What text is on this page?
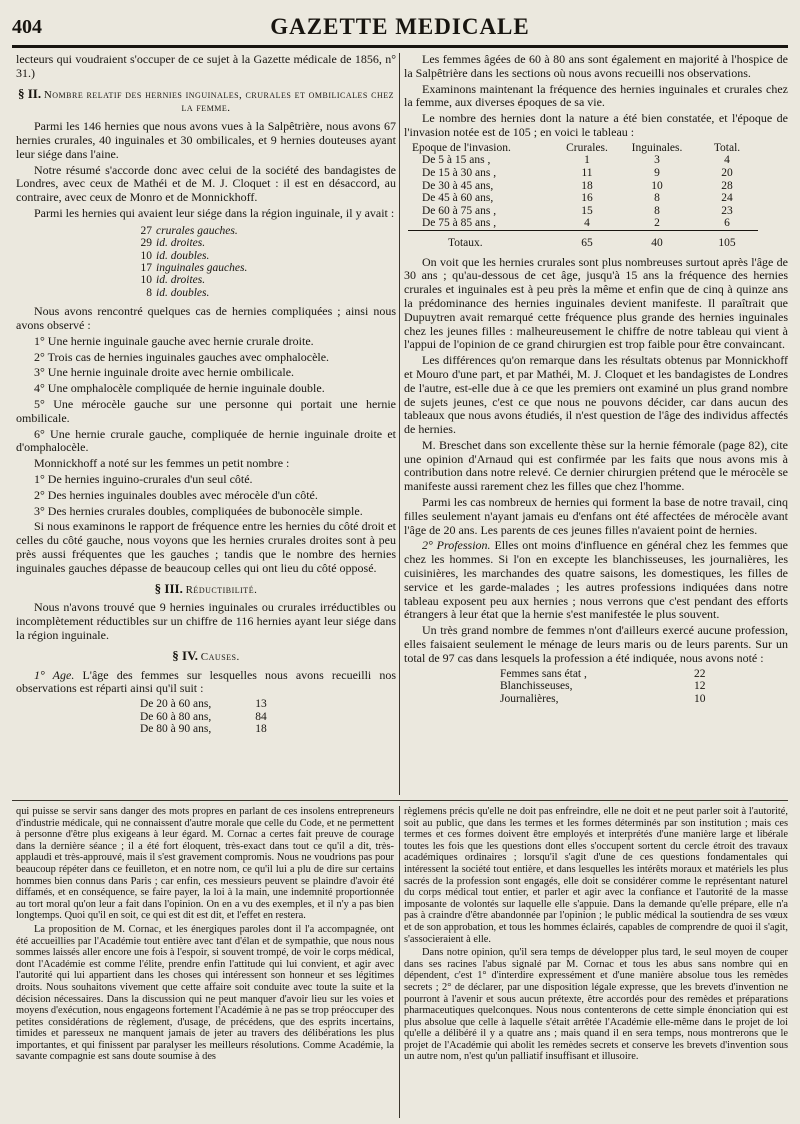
404	GAZETTE MEDICALE

lecteurs qui voudraient s'occuper de ce sujet à la Gazette médicale de 1856, n° 31.)

§ II. Nombre relatif des hernies inguinales, crurales et ombilicales chez la femme.

Parmi les 146 hernies que nous avons vues à la Salpêtrière, nous avons 67 hernies crurales, 40 inguinales et 30 ombilicales, et 9 hernies douteuses ayant leur siége dans l'aine.

Notre résumé s'accorde donc avec celui de la société des bandagistes de Londres, avec ceux de Mathéi et de M. J. Cloquet : il est en désaccord, au contraire, avec ceux de Monro et de Monnickhoff.

Parmi les hernies qui avaient leur siége dans la région inguinale, il y avait :

27 crurales gauches.
29 id. droites.
10 id. doubles.
17 inguinales gauches.
10 id. droites.
8 id. doubles.

Nous avons rencontré quelques cas de hernies compliquées ; ainsi nous avons observé :

1° Une hernie inguinale gauche avec hernie crurale droite.

2° Trois cas de hernies inguinales gauches avec omphalocèle.

3° Une hernie inguinale droite avec hernie ombilicale.

4° Une omphalocèle compliquée de hernie inguinale double.

5° Une mérocèle gauche sur une personne qui portait une hernie ombilicale.

6° Une hernie crurale gauche, compliquée de hernie inguinale droite et d'omphalocèle.

Monnickhoff a noté sur les femmes un petit nombre :

1° De hernies inguino-crurales d'un seul côté.

2° Des hernies inguinales doubles avec mérocèle d'un côté.

3° Des hernies crurales doubles, compliquées de bubonocèle simple.

Si nous examinons le rapport de fréquence entre les hernies du côté droit et celles du côté gauche, nous voyons que les hernies crurales droites sont à peu près aussi fréquentes que les gauches ; tandis que le nombre des hernies inguinales gauches dépasse de beaucoup celles qui ont lieu du côté opposé.

§ III. Réductibilité.

Nous n'avons trouvé que 9 hernies inguinales ou crurales irréductibles ou incomplètement réductibles sur un chiffre de 116 hernies ayant leur siége dans la région inguinale.

§ IV. Causes.

1° Age. L'âge des femmes sur lesquelles nous avons recueilli nos observations est réparti ainsi qu'il suit :

De 20 à 60 ans,	13
De 60 à 80 ans,	84
De 80 à 90 ans,	18

Les femmes âgées de 60 à 80 ans sont également en majorité à l'hospice de la Salpêtrière dans les sections où nous avons recueilli nos observations.

Examinons maintenant la fréquence des hernies inguinales et crurales chez la femme, aux diverses époques de sa vie.

Le nombre des hernies dont la nature a été bien constatée, et l'époque de l'invasion notée est de 105 ; en voici le tableau :

Epoque de l'invasion.	Crurales.	Inguinales.	Total.
De 5 à 15 ans ,	1	3	4
De 15 à 30 ans ,	11	9	20
De 30 à 45 ans,	18	10	28
De 45 à 60 ans,	16	8	24
De 60 à 75 ans ,	15	8	23
De 75 à 85 ans ,	4	2	6
Totaux.	65	40	105

On voit que les hernies crurales sont plus nombreuses surtout après l'âge de 30 ans ; qu'au-dessous de cet âge, jusqu'à 15 ans la fréquence des hernies crurales et inguinales est à peu près la même et enfin que de cinq à quinze ans la prédominance des hernies inguinales devient manifeste. Il paraîtrait que Dupuytren avait remarqué cette fréquence plus grande des hernies inguinales chez les jeunes filles : malheureusement le chiffre de notre tableau qui vient à l'appui de l'opinion de ce grand chirurgien est trop faible pour être convaincant.

Les différences qu'on remarque dans les résultats obtenus par Monnickhoff et Mouro d'une part, et par Mathéi, M. J. Cloquet et les bandagistes de Londres de l'autre, est-elle due à ce que les premiers ont examiné un plus grand nombre de sujets jeunes, c'est ce que nous ne pouvons décider, car dans aucun des tableaux que nous avons étudiés, il n'est question de l'âge des individus affectés de hernies.

M. Breschet dans son excellente thèse sur la hernie fémorale (page 82), cite une opinion d'Arnaud qui est confirmée par les faits que nous avons mis à contribution dans notre relevé. Ce dernier chirurgien prétend que le mérocèle se manifeste aussi rarement chez les filles que chez l'homme.

Parmi les cas nombreux de hernies qui forment la base de notre travail, cinq filles seulement n'ayant jamais eu d'enfans ont été affectées de mérocèle avant l'âge de 20 ans. Les parents de ces jeunes filles n'avaient point de hernies.

2° Profession. Elles ont moins d'influence en général chez les femmes que chez les hommes. Si l'on en excepte les blanchisseuses, les journalières, les cuisinières, les marchandes des quatre saisons, les domestiques, les filles de service et les garde-malades ; les autres professions indiquées dans notre tableau exposent peu aux hernies ; nous verrons que c'est pendant des efforts étrangers à leur état que la hernie s'est manifestée le plus souvent.

Un très grand nombre de femmes n'ont d'ailleurs exercé aucune profession, elles faisaient seulement le ménage de leurs maris ou de leurs parents. Sur un total de 97 cas dans lesquels la profession a été indiquée, nous avons noté :

Femmes sans état ,	22
Blanchisseuses,	12
Journalières,	10

qui puisse se servir sans danger des mots propres en parlant de ces insolens entrepreneurs d'industrie médicale, qui ne connaissent d'autre morale que celle du Code, et ne permettent à personne d'être plus exigeans à leur égard. M. Cornac a certes fait preuve de courage dans la dernière séance ; il a été fort éloquent, très-exact dans tout ce qu'il a dit, très-applaudi et très-approuvé, mais il s'est gravement compromis. Nous ne voudrions pas pour beaucoup répéter dans ce feuilleton, et en notre nom, ce qu'il lui a plu de dire sur certains hommes bien connus dans Paris ; car enfin, ces messieurs peuvent se plaindre d'avoir été diffamés, et en conséquence, se faire payer, la loi à la main, une indemnité proportionnée au tort moral qu'on leur a fait dans l'opinion. On en a vu des exemples, et il n'y a pas bien longtemps. Quoi qu'il en soit, ce qui est dit est dit, et l'effet en restera.

La proposition de M. Cornac, et les énergiques paroles dont il l'a accompagnée, ont été accueillies par l'Académie tout entière avec tant d'élan et de sympathie, que nous nous sommes laissés aller encore une fois à l'espoir, si souvent trompé, de voir le corps médical, dont l'Académie est comme l'élite, prendre enfin l'attitude qui lui convient, et agir avec l'autorité qui lui appartient dans les choses qui intéressent son honneur et ses légitimes droits. Nous souhaitons vivement que cette affaire soit conduite avec toute la suite et la décision nécessaires. Dans la discussion qui ne peut manquer d'avoir lieu sur les voies et moyens d'exécution, nous engageons fortement l'Académie à ne pas se trop préoccuper des petites considérations de règlement, d'usage, de précédens, que des esprits incertains, timides et paresseux ne manquent jamais de jeter au travers des délibérations les plus importantes, et qui finissent par paralyser les meilleurs résolutions. Comme Académie, la savante compagnie est sans doute soumise à des

règlemens précis qu'elle ne doit pas enfreindre, elle ne doit et ne peut parler soit à l'autorité, soit au public, que dans les termes et les formes déterminés par son institution ; mais ces termes et ces formes doivent être employés et interprétés d'une manière large et libérale toutes les fois que les questions dont elles s'occupent sortent du cercle étroit des travaux académiques ordinaires ; lorsqu'il s'agit d'une de ces questions fondamentales qui intéressent la société tout entière, et dans lesquelles les intérêts moraux et matériels les plus sacrés de la profession sont engagés, elle doit se considérer comme le représentant naturel du corps médical tout entier, et parler et agir avec la confiance et l'autorité de la masse imposante de volontés sur laquelle elle s'appuie. Dans la demande qu'elle prépare, elle n'a pas à craindre d'être abandonnée par l'opinion ; le public médical la soutiendra de ses vœux et de son approbation, et tous les hommes éclairés, capables de comprendre de quoi il s'agit, s'associeraient à elle.

Dans notre opinion, qu'il sera temps de développer plus tard, le seul moyen de couper dans ses racines l'abus signalé par M. Cornac et tous les abus sans nombre qui en dépendent, c'est 1° d'interdire expressément et d'une manière absolue tous les remèdes secrets ; 2° de déclarer, par une disposition légale expresse, que les brevets d'invention ne pourront à l'avenir et sous aucun prétexte, être accordés pour des remèdes et préparations pharmaceutiques quelconques. Nous nous contenterons de cette simple énonciation qui est plus absolue que celle à laquelle s'était arrêtée l'Académie elle-même dans le projet de loi qu'elle a délibéré il y a quatre ans ; mais quand il en sera temps, nous montrerons que le projet de l'Académie qui abolit les remèdes secrets et conserve les brevets d'invention sous un autre nom, n'est qu'un palliatif insuffisant et illusoire.
